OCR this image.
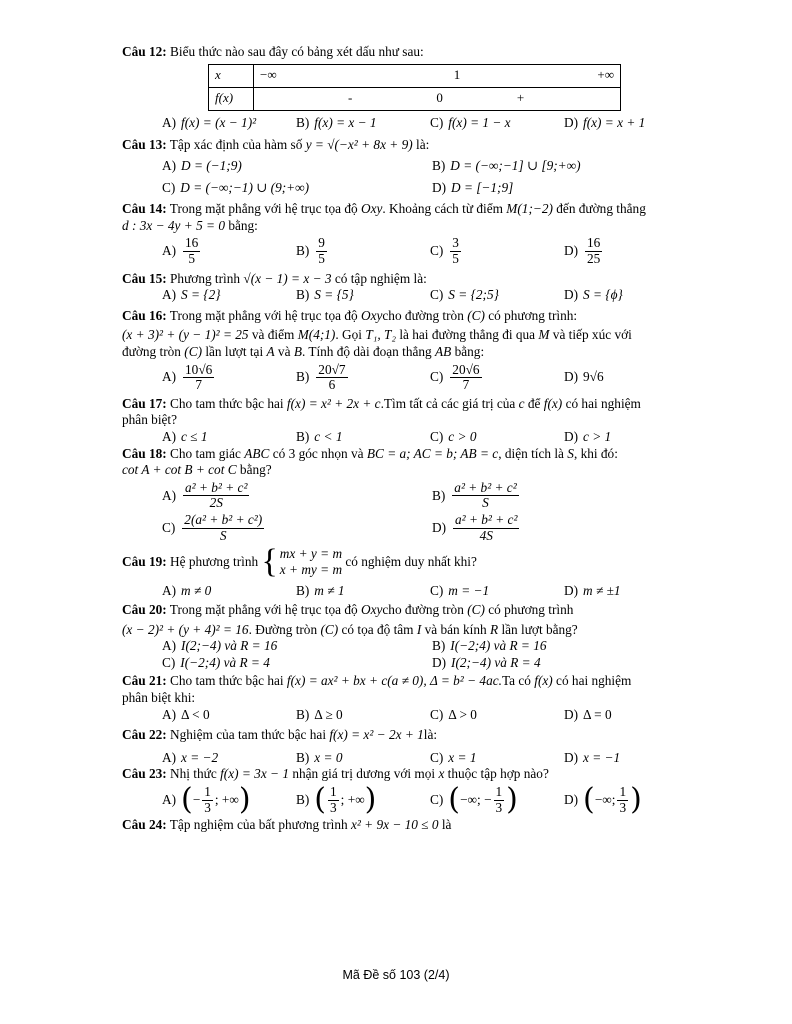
Câu 12: Biểu thức nào sau đây có bảng xét dấu như sau:
x	−∞ 1 +∞

f(x)	- 0 +
A) f(x) = (x − 1)²	B) f(x) = x − 1	C) f(x) = 1 − x	D) f(x) = x + 1
Câu 13: Tập xác định của hàm số y = √(−x² + 8x + 9) là:
A) D = (−1;9)	B) D = (−∞;−1] ∪ [9;+∞)
C) D = (−∞;−1) ∪ (9;+∞)	D) D = [−1;9]
Câu 14: Trong mặt phẳng với hệ trục tọa độ Oxy. Khoảng cách từ điểm M(1;−2) đến đường thẳng
d : 3x − 4y + 5 = 0 bằng:
$A) \frac{16}{5}$	$B) \frac{9}{5}$	$C) \frac{3}{5}$	$D) \frac{16}{25}$
Câu 15: Phương trình √(x − 1) = x − 3 có tập nghiệm là:
A) S = {2}	B) S = {5}	C) S = {2;5}	D) S = {ϕ}
Câu 16: Trong mặt phẳng với hệ trục tọa độ Oxycho đường tròn (C) có phương trình:
(x + 3)² + (y − 1)² = 25 và điểm M(4;1). Gọi T₁, T₂ là hai đường thẳng đi qua M và tiếp xúc với
đường tròn (C) lần lượt tại A và B. Tính độ dài đoạn thẳng AB bằng:
$A) \frac{10√6}{7}$	$B) \frac{20√7}{6}$	$C) \frac{20√6}{7}$	D) 9√6
Câu 17: Cho tam thức bậc hai f(x) = x² + 2x + c.Tìm tất cả các giá trị của c để f(x) có hai nghiệm
phân biệt?
A) c ≤ 1	B) c < 1	C) c > 0	D) c > 1
Câu 18: Cho tam giác ABC có 3 góc nhọn và BC = a; AC = b; AB = c, diện tích là S, khi đó:
cot A + cot B + cot C bằng?
$A) \frac{\text{a² + b² + c²}}{2S}$	$B) \frac{\text{a² + b² + c²}}{S}$
$C) \frac{\text{2(a² + b² + c²)}}{S}$	$D) \frac{\text{a² + b² + c²}}{4S}$
Câu 19:
Hệ phương trình
{ mx + y = m
x + my = m

có nghiệm duy nhất khi?
A) m ≠ 0	B) m ≠ 1	C) m = −1	D) m ≠ ±1
Câu 20: Trong mặt phẳng với hệ trục tọa độ Oxycho đường tròn (C) có phương trình
(x − 2)² + (y + 4)² = 16. Đường tròn (C) có tọa độ tâm I và bán kính R lần lượt bằng?
A) I(2;−4) và R = 16	B) I(−2;4) và R = 16
C) I(−2;4) và R = 4	D) I(2;−4) và R = 4
Câu 21: Cho tam thức bậc hai f(x) = ax² + bx + c(a ≠ 0), Δ = b² − 4ac.Ta có f(x) có hai nghiệm
phân biệt khi:
A) Δ < 0	B) Δ ≥ 0	C) Δ > 0	D) Δ = 0
Câu 22: Nghiệm của tam thức bậc hai f(x) = x² − 2x + 1là:
A) x = −2	B) x = 0	C) x = 1	D) x = −1
Câu 23: Nhị thức f(x) = 3x − 1 nhận giá trị dương với mọi x thuộc tập hợp nào?
A) ( − $\frac{1}{3}$ ; +∞ )	B) ( $\frac{1}{3}$ ; +∞ )	C) ( −∞; − $\frac{1}{3}$ )	D) ( −∞; $\frac{1}{3}$ )
Câu 24: Tập nghiệm của bất phương trình x² + 9x − 10 ≤ 0 là
Mã Đề số 103 (2/4)
